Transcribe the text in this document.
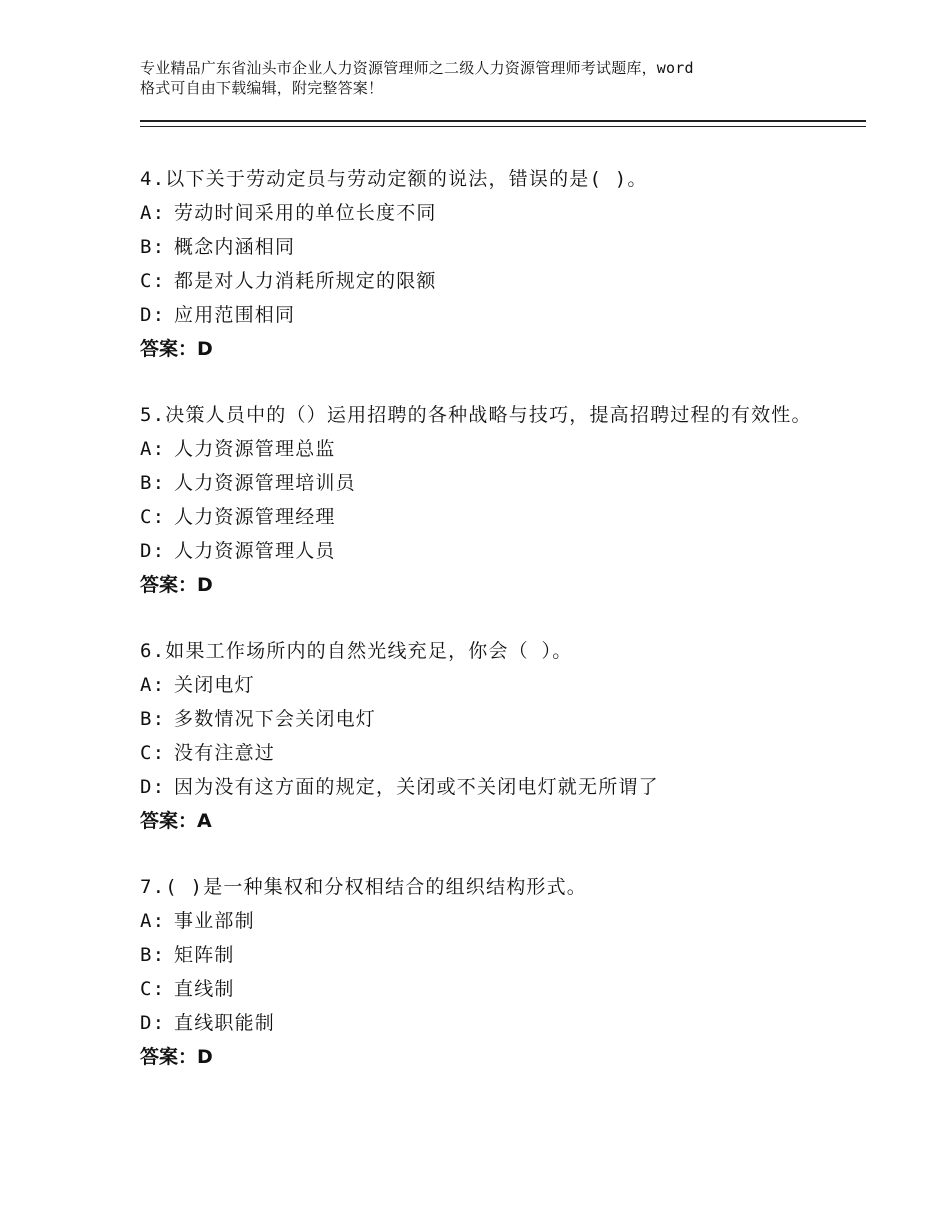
专业精品广东省汕头市企业人力资源管理师之二级人力资源管理师考试题库，word
格式可自由下载编辑，附完整答案！
4.以下关于劳动定员与劳动定额的说法，错误的是( )。
A: 劳动时间采用的单位长度不同
B: 概念内涵相同
C: 都是对人力消耗所规定的限额
D: 应用范围相同
答案：D
5.决策人员中的（）运用招聘的各种战略与技巧，提高招聘过程的有效性。
A: 人力资源管理总监
B: 人力资源管理培训员
C: 人力资源管理经理
D: 人力资源管理人员
答案：D
6.如果工作场所内的自然光线充足，你会（ ）。
A: 关闭电灯
B: 多数情况下会关闭电灯
C: 没有注意过
D: 因为没有这方面的规定，关闭或不关闭电灯就无所谓了
答案：A
7.( )是一种集权和分权相结合的组织结构形式。
A: 事业部制
B: 矩阵制
C: 直线制
D: 直线职能制
答案：D
